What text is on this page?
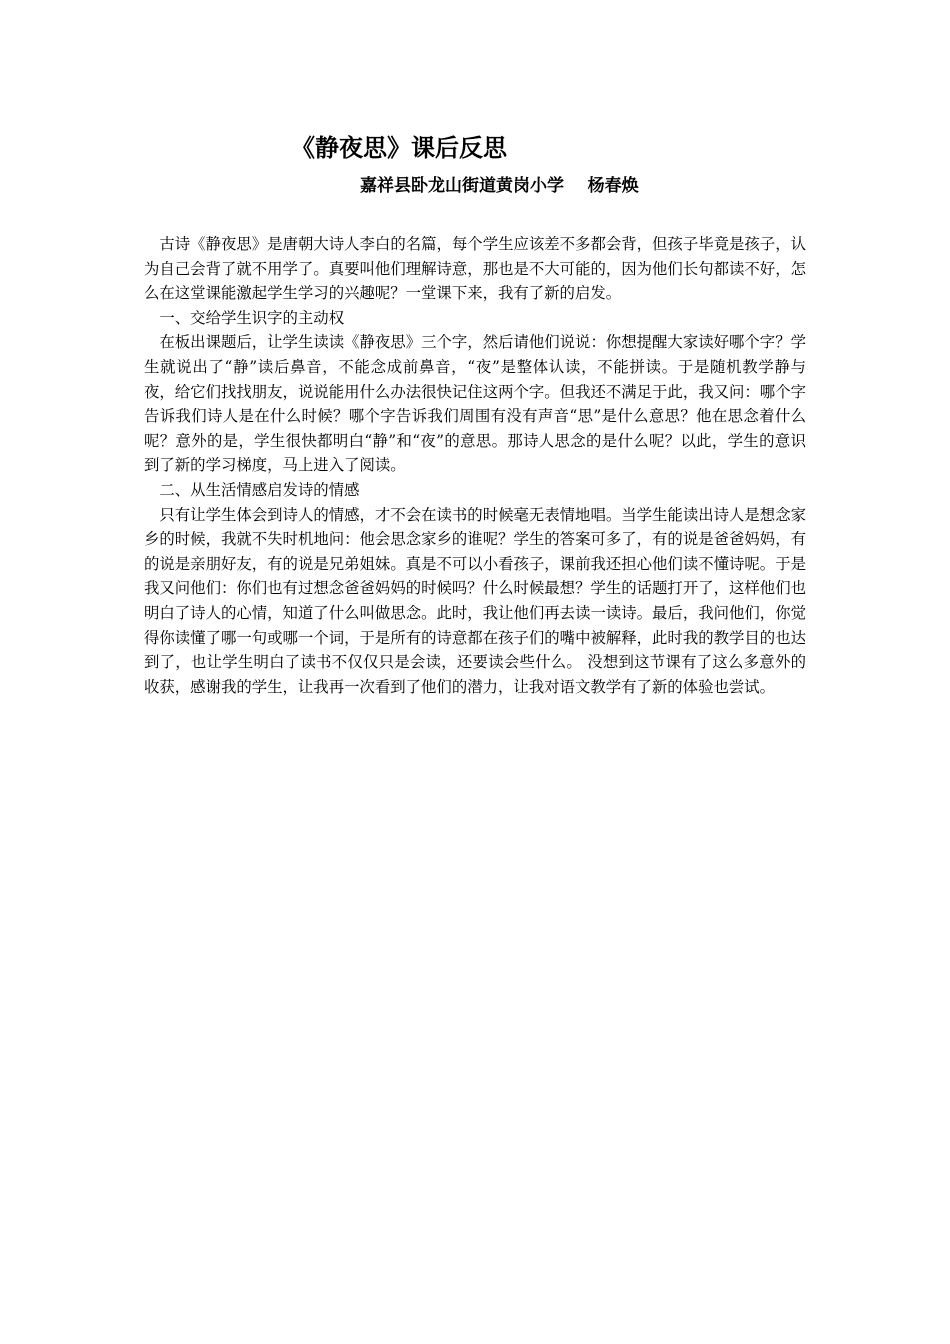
《静夜思》课后反思
嘉祥县卧龙山街道黄岗小学    杨春焕

古诗《静夜思》是唐朝大诗人李白的名篇，每个学生应该差不多都会背，但孩子毕竟是孩子，认为自己会背了就不用学了。真要叫他们理解诗意，那也是不大可能的，因为他们长句都读不好，怎么在这堂课能激起学生学习的兴趣呢？一堂课下来，我有了新的启发。

一、交给学生识字的主动权

在板出课题后，让学生读读《静夜思》三个字，然后请他们说说：你想提醒大家读好哪个字？学生就说出了“静”读后鼻音，不能念成前鼻音，“夜”是整体认读，不能拼读。于是随机教学静与夜，给它们找找朋友，说说能用什么办法很快记住这两个字。但我还不满足于此，我又问：哪个字告诉我们诗人是在什么时候？哪个字告诉我们周围有没有声音“思”是什么意思？他在思念着什么呢？意外的是，学生很快都明白“静”和“夜”的意思。那诗人思念的是什么呢？以此，学生的意识到了新的学习梯度，马上进入了阅读。

二、从生活情感启发诗的情感

只有让学生体会到诗人的情感，才不会在读书的时候毫无表情地唱。当学生能读出诗人是想念家乡的时候，我就不失时机地问：他会思念家乡的谁呢？学生的答案可多了，有的说是爸爸妈妈，有的说是亲朋好友，有的说是兄弟姐妹。真是不可以小看孩子，课前我还担心他们读不懂诗呢。于是我又问他们：你们也有过想念爸爸妈妈的时候吗？什么时候最想？学生的话题打开了，这样他们也明白了诗人的心情，知道了什么叫做思念。此时，我让他们再去读一读诗。最后，我问他们，你觉得你读懂了哪一句或哪一个词，于是所有的诗意都在孩子们的嘴中被解释，此时我的教学目的也达到了，也让学生明白了读书不仅仅只是会读，还要读会些什么。 没想到这节课有了这么多意外的收获，感谢我的学生，让我再一次看到了他们的潜力，让我对语文教学有了新的体验也尝试。
